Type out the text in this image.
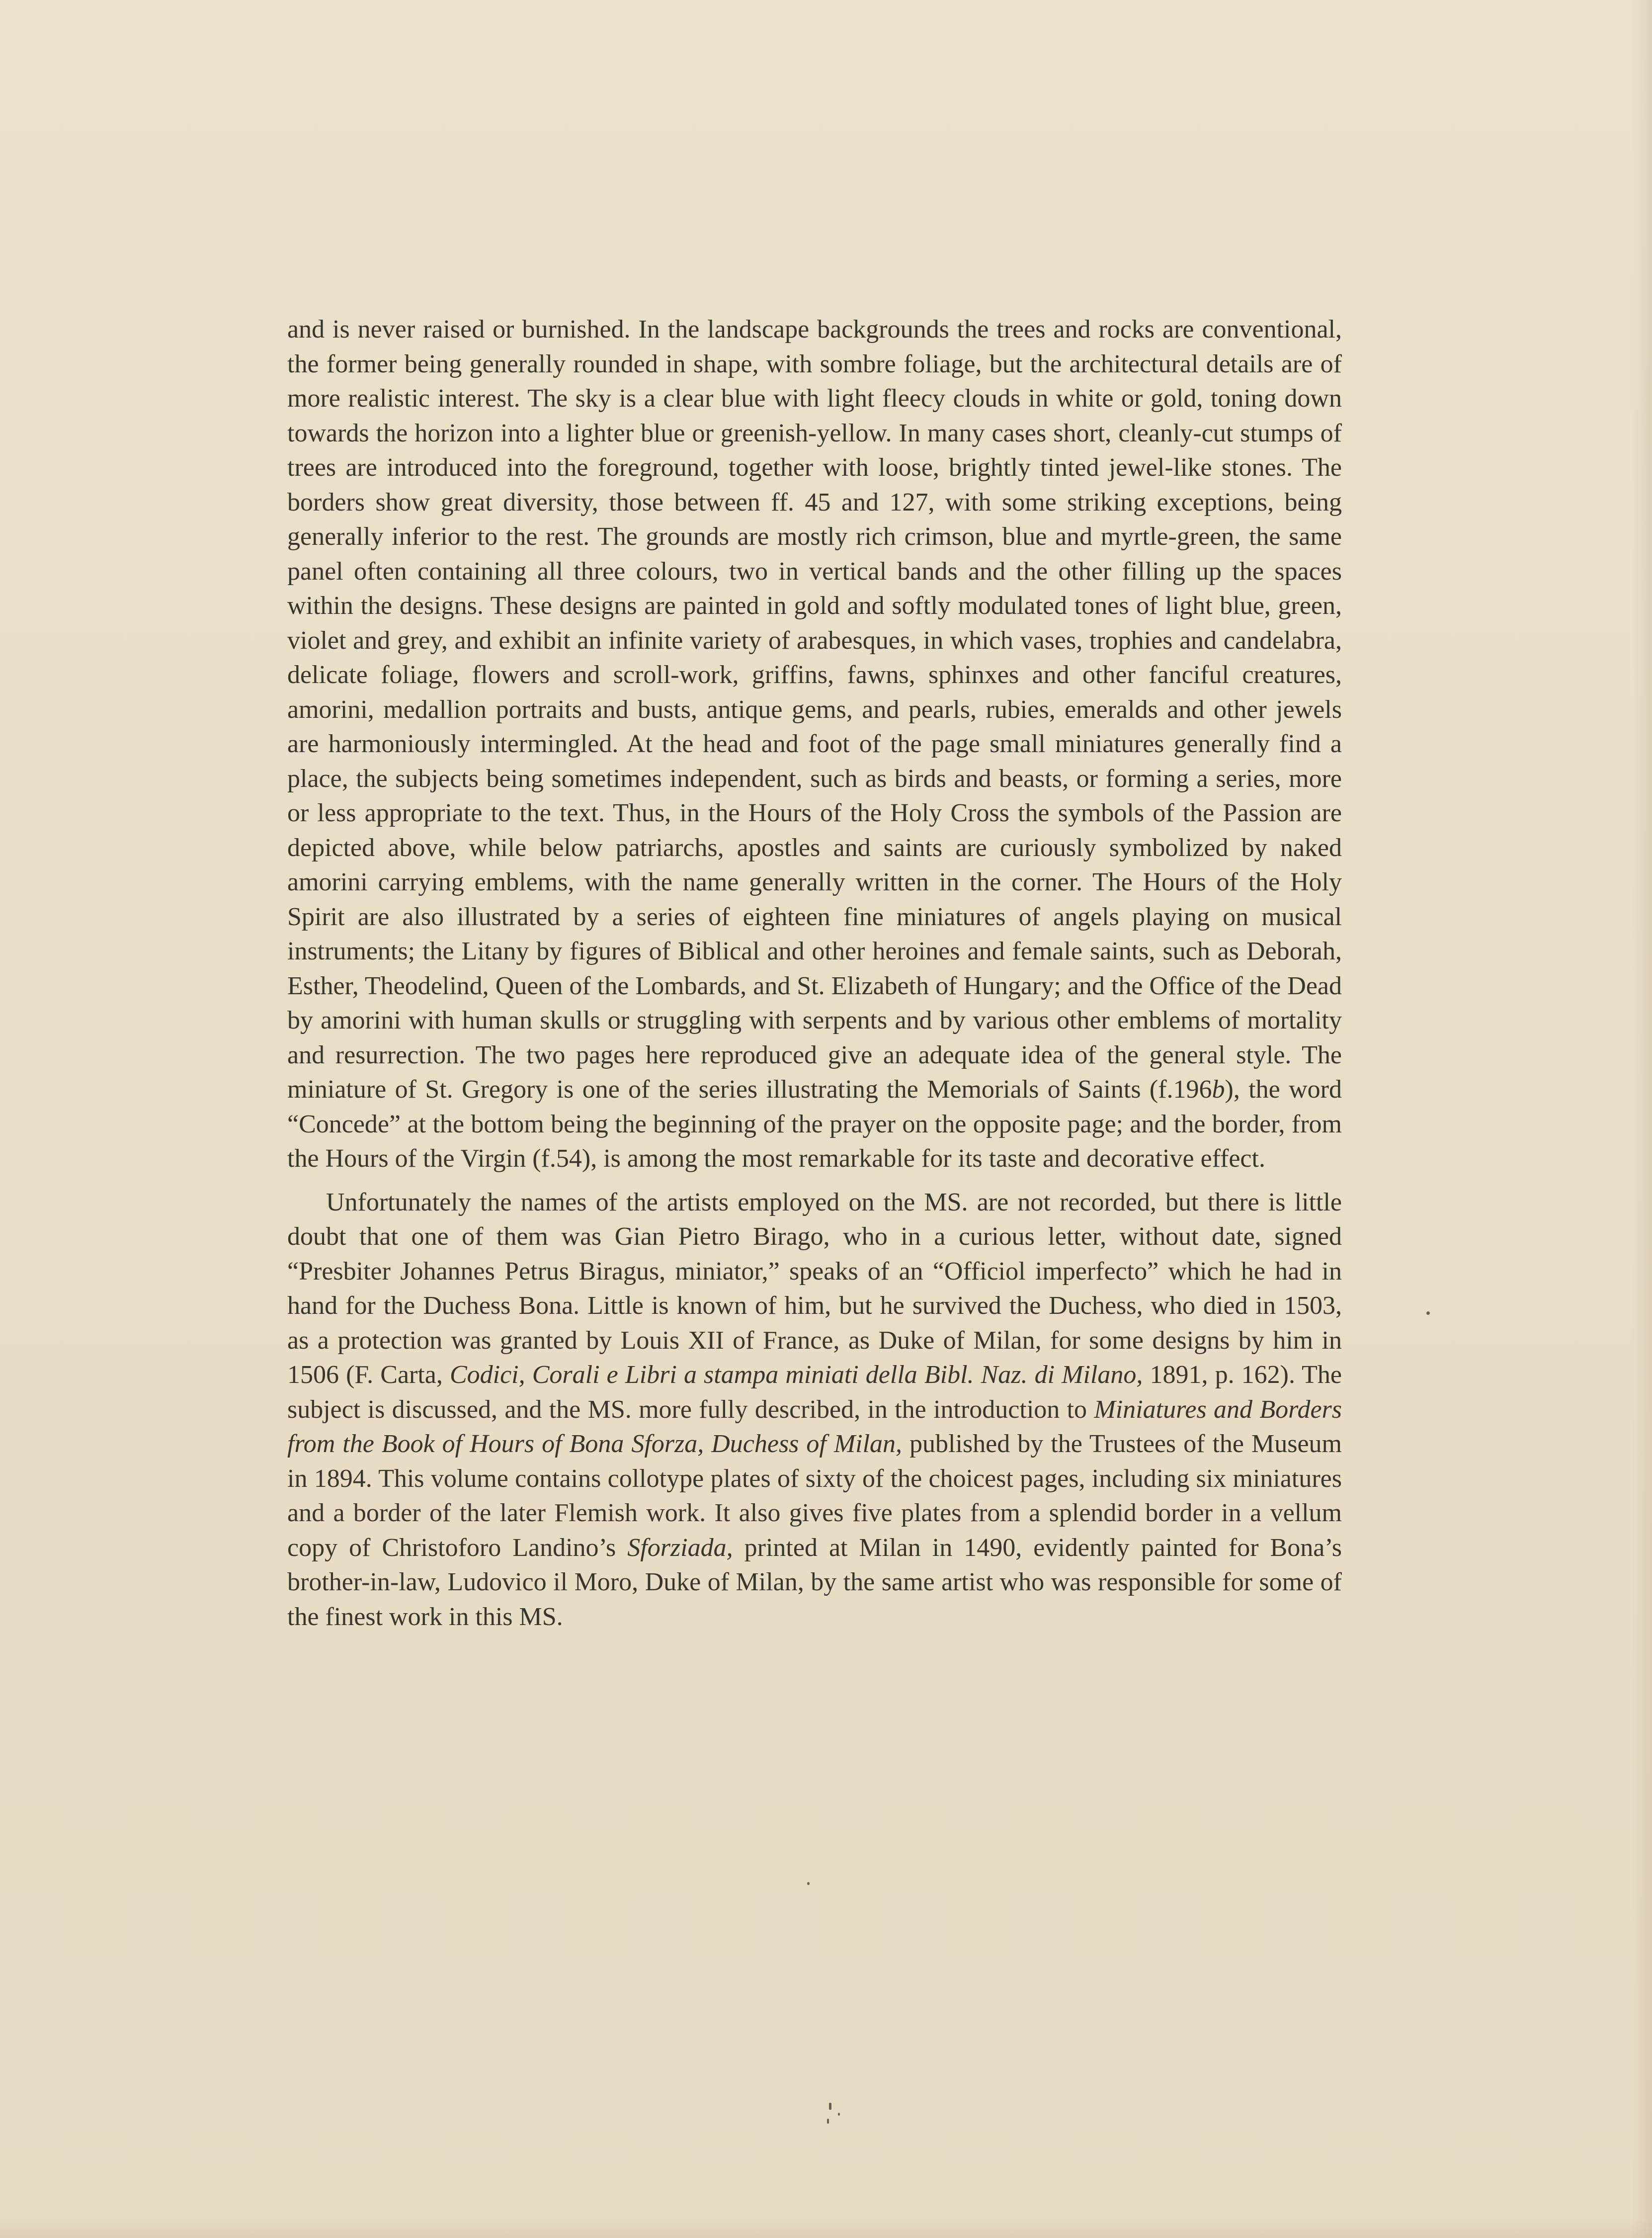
and is never raised or burnished. In the landscape backgrounds the trees and rocks are conventional, the former being generally rounded in shape, with sombre foliage, but the architectural details are of more realistic interest. The sky is a clear blue with light fleecy clouds in white or gold, toning down towards the horizon into a lighter blue or greenish-yellow. In many cases short, cleanly-cut stumps of trees are introduced into the foreground, together with loose, brightly tinted jewel-like stones. The borders show great diversity, those between ff. 45 and 127, with some striking exceptions, being generally inferior to the rest. The grounds are mostly rich crimson, blue and myrtle-green, the same panel often containing all three colours, two in vertical bands and the other filling up the spaces within the designs. These designs are painted in gold and softly modulated tones of light blue, green, violet and grey, and exhibit an infinite variety of arabesques, in which vases, trophies and candelabra, delicate foliage, flowers and scroll-work, griffins, fawns, sphinxes and other fanciful creatures, amorini, medallion portraits and busts, antique gems, and pearls, rubies, emeralds and other jewels are harmoniously intermingled. At the head and foot of the page small miniatures generally find a place, the subjects being sometimes independent, such as birds and beasts, or forming a series, more or less appropriate to the text. Thus, in the Hours of the Holy Cross the symbols of the Passion are depicted above, while below patriarchs, apostles and saints are curiously symbolized by naked amorini carrying emblems, with the name generally written in the corner. The Hours of the Holy Spirit are also illustrated by a series of eighteen fine miniatures of angels playing on musical instruments; the Litany by figures of Biblical and other heroines and female saints, such as Deborah, Esther, Theodelind, Queen of the Lombards, and St. Elizabeth of Hungary; and the Office of the Dead by amorini with human skulls or struggling with serpents and by various other emblems of mortality and resurrection. The two pages here reproduced give an adequate idea of the general style. The miniature of St. Gregory is one of the series illustrating the Memorials of Saints (f.196b), the word “Concede” at the bottom being the beginning of the prayer on the opposite page; and the border, from the Hours of the Virgin (f.54), is among the most remarkable for its taste and decorative effect.

Unfortunately the names of the artists employed on the MS. are not recorded, but there is little doubt that one of them was Gian Pietro Birago, who in a curious letter, without date, signed “Presbiter Johannes Petrus Biragus, miniator,” speaks of an “Officiol imperfecto” which he had in hand for the Duchess Bona. Little is known of him, but he survived the Duchess, who died in 1503, as a protection was granted by Louis XII of France, as Duke of Milan, for some designs by him in 1506 (F. Carta, Codici, Corali e Libri a stampa miniati della Bibl. Naz. di Milano, 1891, p. 162). The subject is discussed, and the MS. more fully described, in the introduction to Miniatures and Borders from the Book of Hours of Bona Sforza, Duchess of Milan, published by the Trustees of the Museum in 1894. This volume contains collotype plates of sixty of the choicest pages, including six miniatures and a border of the later Flemish work. It also gives five plates from a splendid border in a vellum copy of Christoforo Landino’s Sforziada, printed at Milan in 1490, evidently painted for Bona’s brother-in-law, Ludovico il Moro, Duke of Milan, by the same artist who was responsible for some of the finest work in this MS.
